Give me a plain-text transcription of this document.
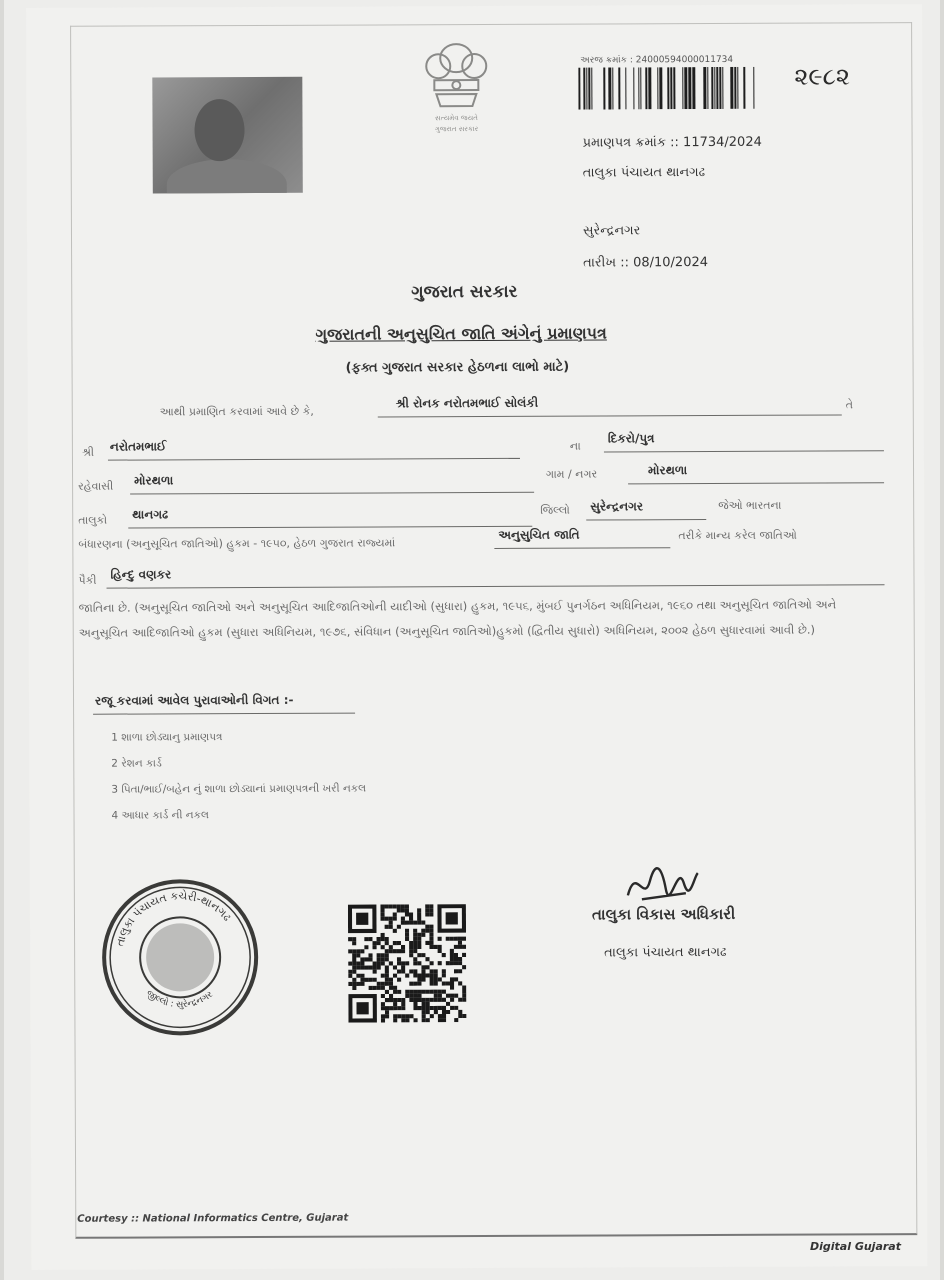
સત્યમેવ જયતે
ગુજરાત સરકાર
અરજ ક્રમાંક : 24000594000011734
૨૯૮૨
પ્રમાણપત્ર ક્રમાંક :: 11734/2024
તાલુકા પંચાયત થાનગઢ
સુરેન્દ્રનગર
તારીખ :: 08/10/2024
ગુજરાત સરકાર
ગુજરાતની અનુસુચિત જાતિ અંગેનું પ્રમાણપત્ર
(ફક્ત ગુજરાત સરકાર હેઠળના લાભો માટે)
આથી પ્રમાણિત કરવામાં આવે છે કે,
શ્રી રોનક નરોતમભાઈ સોલંકી	તે
શ્રી નરોતમભાઈ	ના
દિકરો/પુત્ર
રહેવાસી મોરથળા	ગામ / નગર	મોરથળા
તાલુકો થાનગઢ	જિલ્લો સુરેન્દ્રનગર	જેઓ ભારતના
બંધારણના (અનુસૂચિત જાતિઓ) હુકમ - ૧૯૫૦, હેઠળ ગુજરાત રાજ્યમાં
અનુસુચિત જાતિ	તરીકે માન્ય કરેલ જાતિઓ
પૈકી હિન્દુ વણકર
જાતિના છે. (અનુસૂચિત જાતિઓ અને અનુસૂચિત આદિજાતિઓની યાદીઓ (સુધારા) હુકમ, ૧૯૫૬, મુંબઈ પુનર્ગઠન અધિનિયમ, ૧૯૬૦ તથા અનુસૂચિત જાતિઓ અને અનુસૂચિત આદિજાતિઓ હુકમ (સુધારા અધિનિયમ, ૧૯૭૬, સંવિધાન (અનુસૂચિત જાતિઓ)હુકમો (દ્વિતીય સુધારો) અધિનિયમ, ૨૦૦૨ હેઠળ સુધારવામાં આવી છે.)
રજૂ કરવામાં આવેલ પુરાવાઓની વિગત :-
1 શાળા છોડ્યાનુ પ્રમાણપત્ર
2 રેશન કાર્ડ
3 પિતા/ભાઈ/બહેન નું શાળા છોડ્યાનાં પ્રમાણપત્રની ખરી નકલ
4 આધાર કાર્ડ ની નકલ
તાલુકા પંચાયત કચેરી-થાનગઢ
જીલ્લો : સુરેન્દ્રનગર
ક્ષિણવ
તાલુકા વિકાસ અધિકારી
તાલુકા પંચાયત થાનગઢ
Courtesy :: National Informatics Centre, Gujarat
Digital Gujarat
